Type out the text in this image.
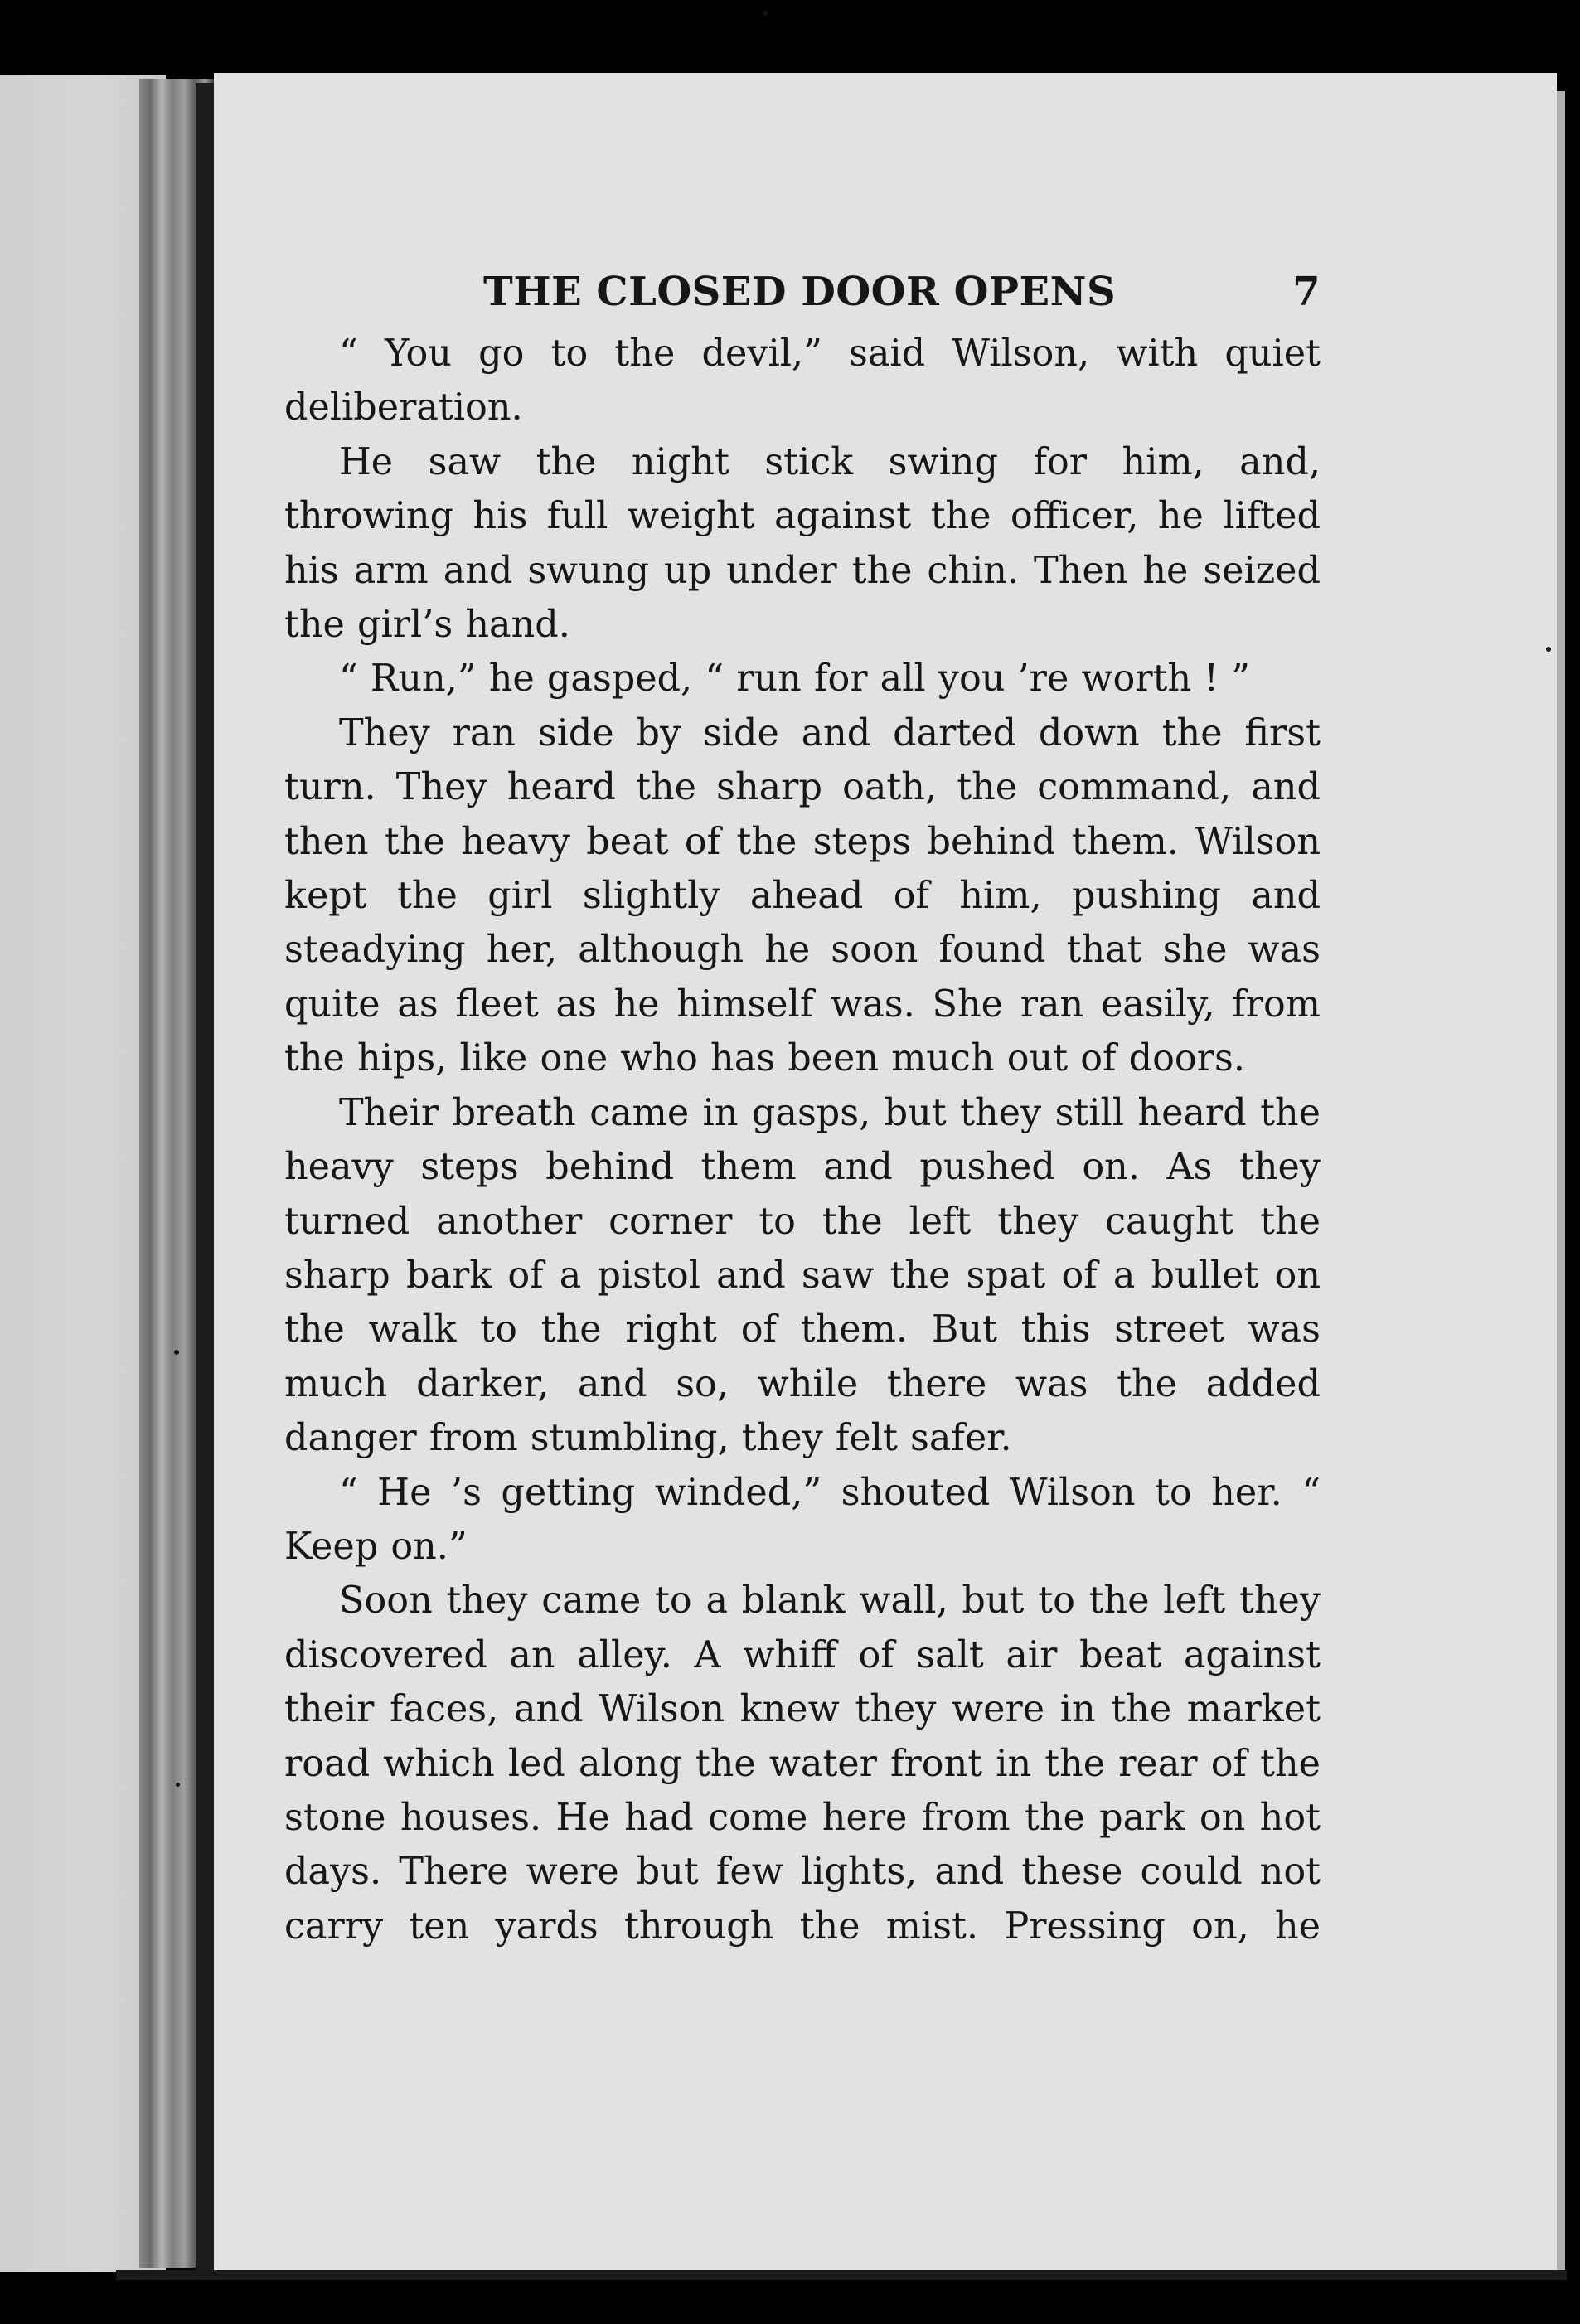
THE CLOSED DOOR OPENS	7

“ You go to the devil,” said Wilson, with quiet deliberation.

He saw the night stick swing for him, and, throwing his full weight against the officer, he lifted his arm and swung up under the chin. Then he seized the girl’s hand.

“ Run,” he gasped, “ run for all you ’re worth ! ”

They ran side by side and darted down the first turn. They heard the sharp oath, the command, and then the heavy beat of the steps behind them. Wilson kept the girl slightly ahead of him, pushing and steadying her, although he soon found that she was quite as fleet as he himself was. She ran easily, from the hips, like one who has been much out of doors.

Their breath came in gasps, but they still heard the heavy steps behind them and pushed on. As they turned another corner to the left they caught the sharp bark of a pistol and saw the spat of a bullet on the walk to the right of them. But this street was much darker, and so, while there was the added danger from stumbling, they felt safer.

“ He ’s getting winded,” shouted Wilson to her. “ Keep on.”

Soon they came to a blank wall, but to the left they discovered an alley. A whiff of salt air beat against their faces, and Wilson knew they were in the market road which led along the water front in the rear of the stone houses. He had come here from the park on hot days. There were but few lights, and these could not carry ten yards through the mist. Pressing on, he
